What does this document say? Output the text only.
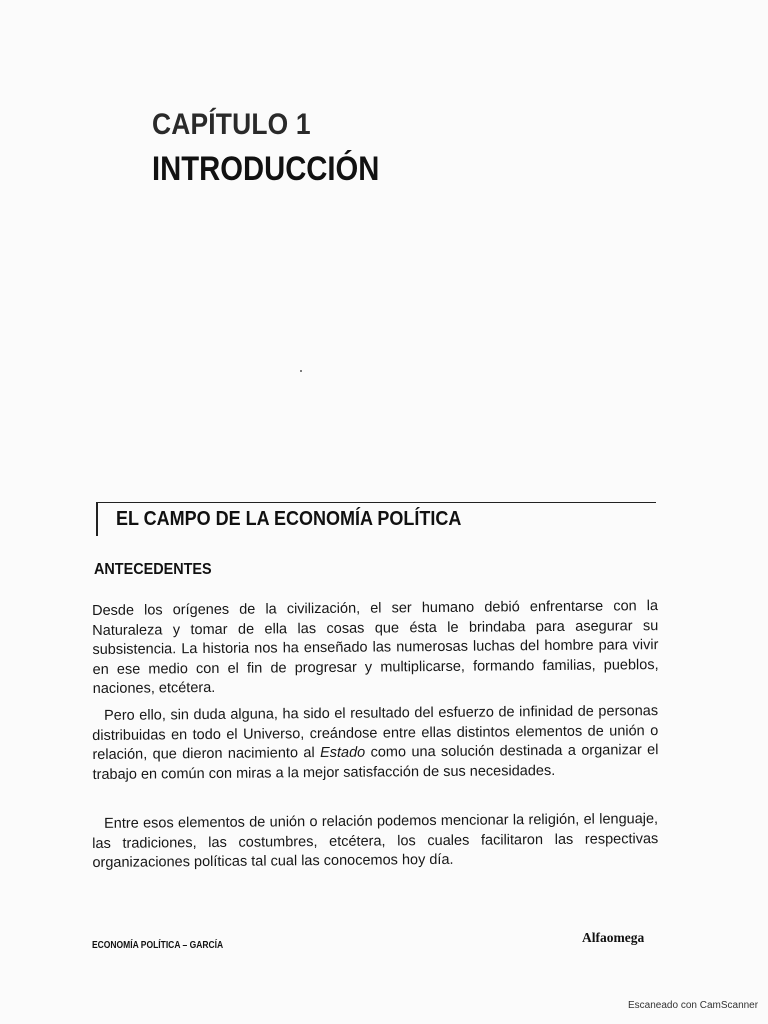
CAPÍTULO 1
INTRODUCCIÓN
EL CAMPO DE LA ECONOMÍA POLÍTICA
ANTECEDENTES

Desde los orígenes de la civilización, el ser humano debió enfrentarse con la Naturaleza y tomar de ella las cosas que ésta le brindaba para asegurar su subsistencia. La historia nos ha enseñado las numerosas luchas del hombre para vivir en ese medio con el fin de progresar y multiplicarse, formando familias, pueblos, naciones, etcétera.

Pero ello, sin duda alguna, ha sido el resultado del esfuerzo de infinidad de personas distribuidas en todo el Universo, creándose entre ellas distintos elementos de unión o relación, que dieron nacimiento al Estado como una solución destinada a organizar el trabajo en común con miras a la mejor satisfacción de sus necesidades.

Entre esos elementos de unión o relación podemos mencionar la religión, el lenguaje, las tradiciones, las costumbres, etcétera, los cuales facilitaron las respectivas organizaciones políticas tal cual las conocemos hoy día.

ECONOMÍA POLÍTICA – GARCÍA
Alfaomega
Escaneado con CamScanner
